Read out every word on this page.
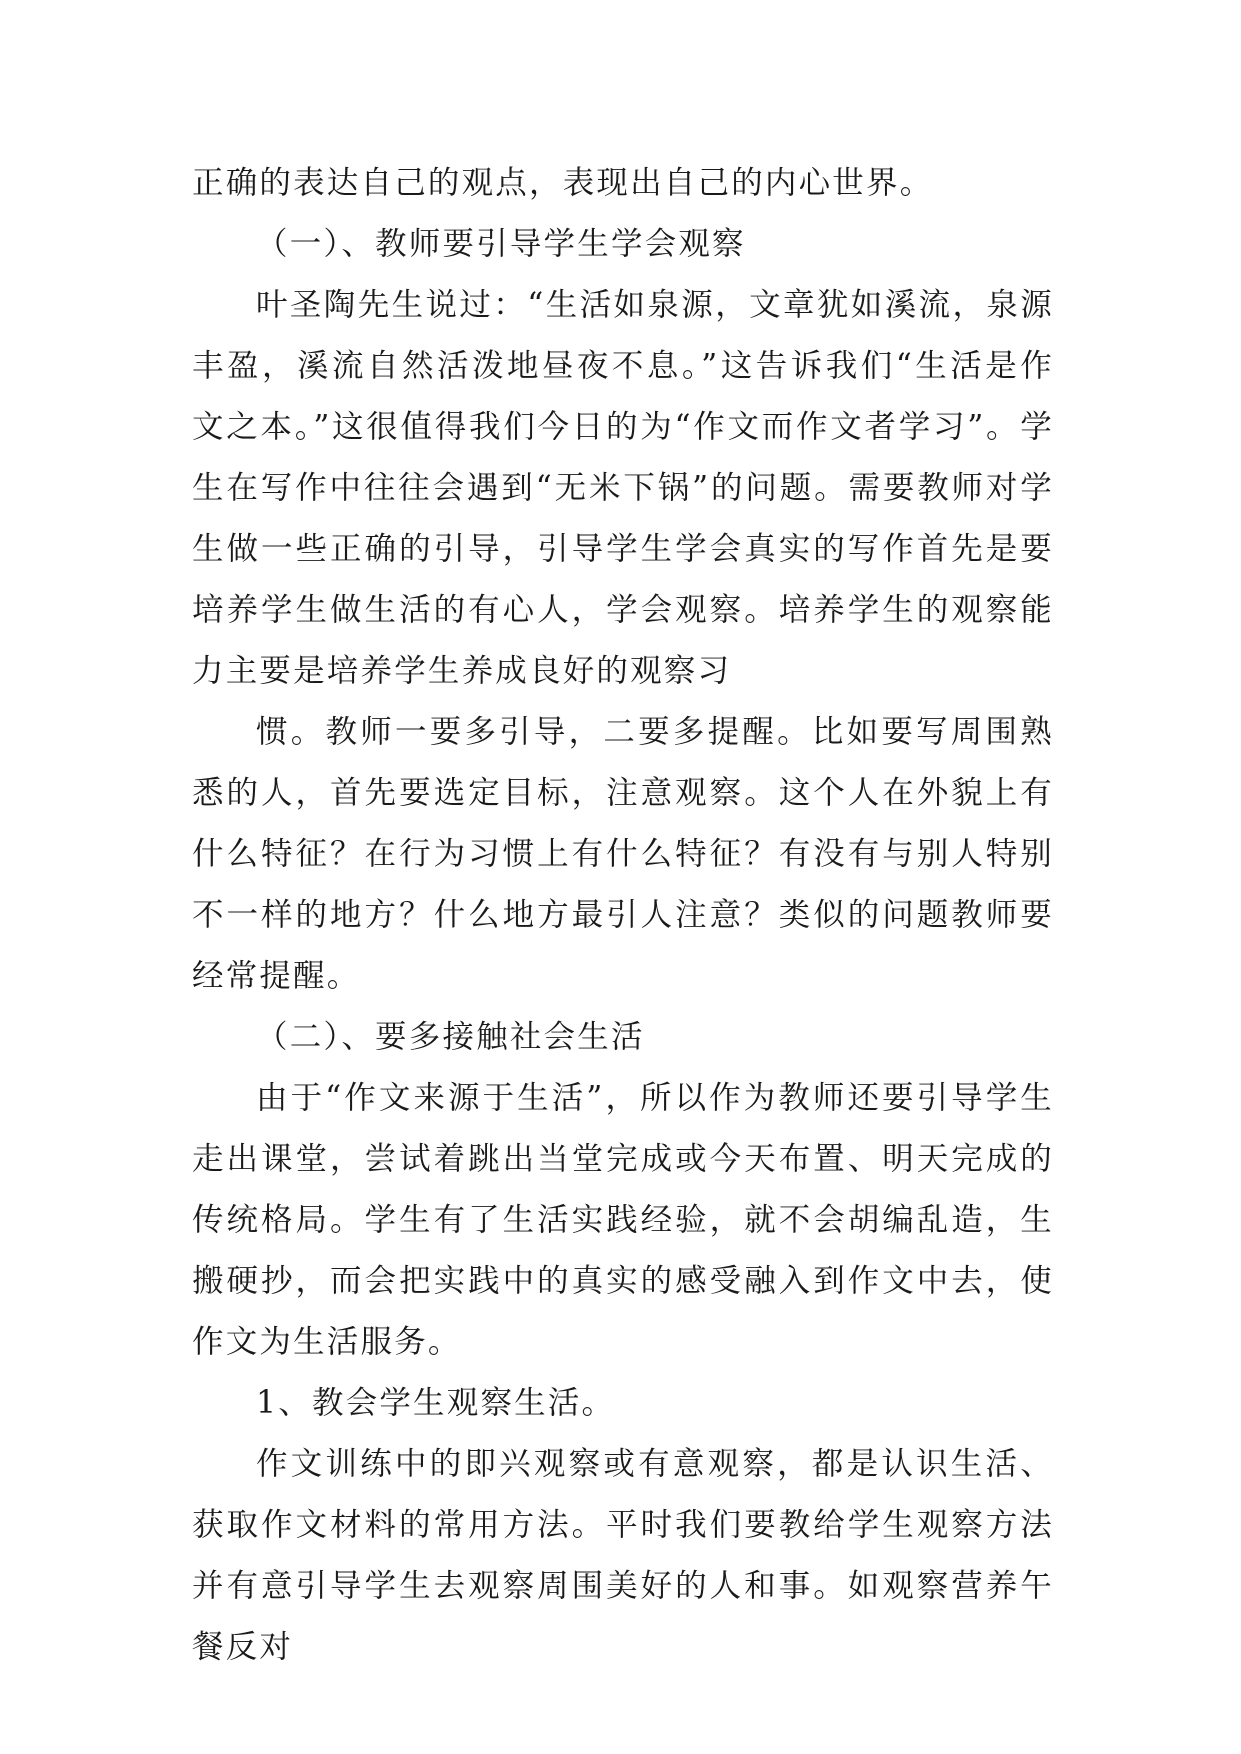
正确的表达自己的观点，表现出自己的内心世界。

（一）、教师要引导学生学会观察

叶圣陶先生说过：“生活如泉源，文章犹如溪流，泉源丰盈，溪流自然活泼地昼夜不息。”这告诉我们“生活是作文之本。”这很值得我们今日的为“作文而作文者学习”。学生在写作中往往会遇到“无米下锅”的问题。需要教师对学生做一些正确的引导，引导学生学会真实的写作首先是要培养学生做生活的有心人，学会观察。培养学生的观察能力主要是培养学生养成良好的观察习

惯。教师一要多引导，二要多提醒。比如要写周围熟悉的人，首先要选定目标，注意观察。这个人在外貌上有什么特征？在行为习惯上有什么特征？有没有与别人特别不一样的地方？什么地方最引人注意？类似的问题教师要经常提醒。

（二）、要多接触社会生活

由于“作文来源于生活”，所以作为教师还要引导学生走出课堂，尝试着跳出当堂完成或今天布置、明天完成的传统格局。学生有了生活实践经验，就不会胡编乱造，生搬硬抄，而会把实践中的真实的感受融入到作文中去，使作文为生活服务。

1、教会学生观察生活。

作文训练中的即兴观察或有意观察，都是认识生活、获取作文材料的常用方法。平时我们要教给学生观察方法并有意引导学生去观察周围美好的人和事。如观察营养午餐反对
